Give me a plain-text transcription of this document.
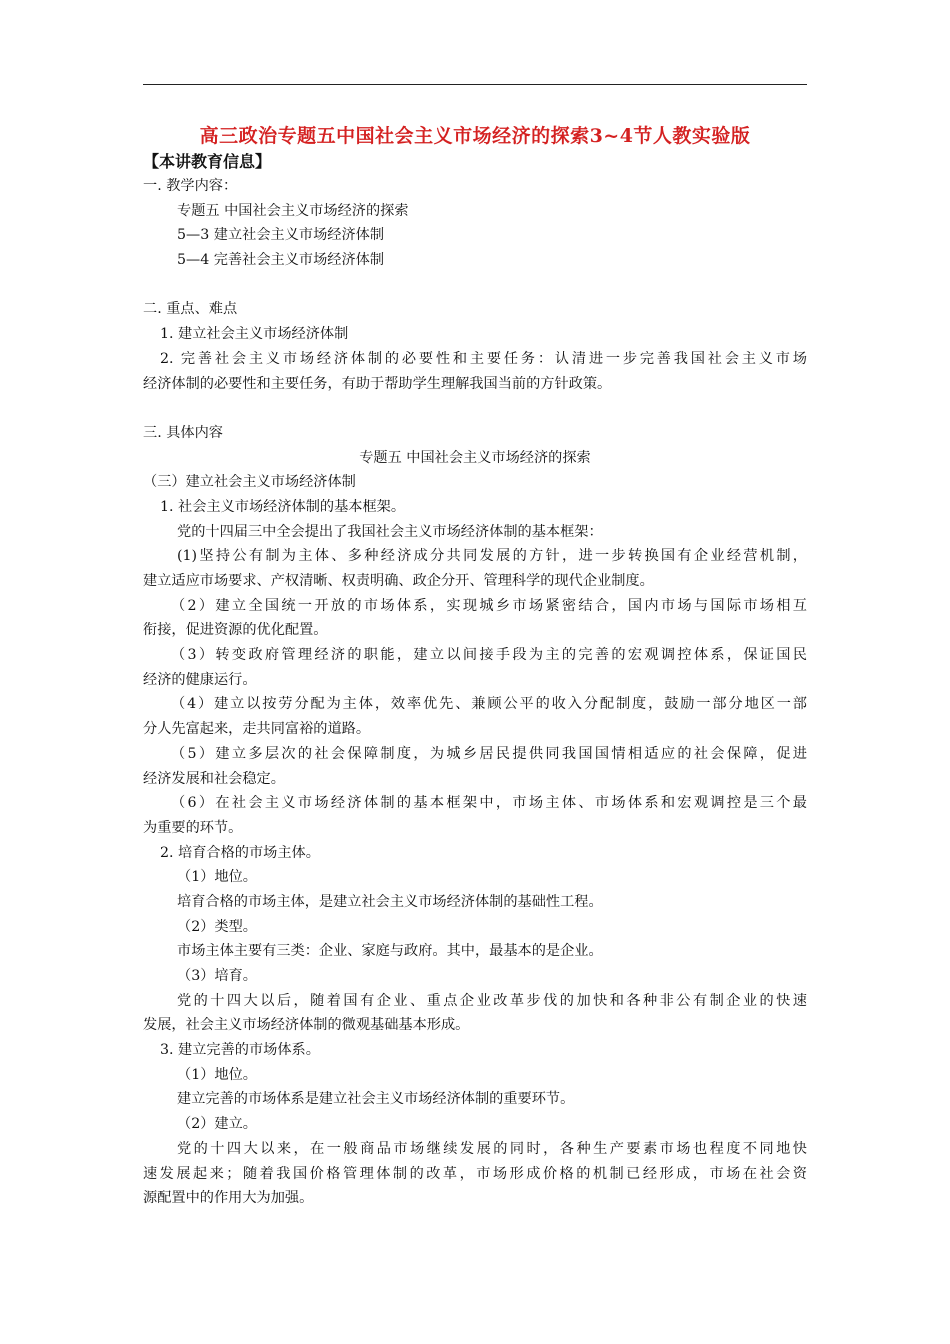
高三政治专题五中国社会主义市场经济的探索3~4节人教实验版
【本讲教育信息】
一. 教学内容：
专题五 中国社会主义市场经济的探索
5—3 建立社会主义市场经济体制
5—4 完善社会主义市场经济体制
二. 重点、难点
1. 建立社会主义市场经济体制
2. 完善社会主义市场经济体制的必要性和主要任务：认清进一步完善我国社会主义市场
经济体制的必要性和主要任务，有助于帮助学生理解我国当前的方针政策。
三. 具体内容
专题五 中国社会主义市场经济的探索
（三）建立社会主义市场经济体制
1. 社会主义市场经济体制的基本框架。
党的十四届三中全会提出了我国社会主义市场经济体制的基本框架：
(1)坚持公有制为主体、多种经济成分共同发展的方针，进一步转换国有企业经营机制，
建立适应市场要求、产权清晰、权责明确、政企分开、管理科学的现代企业制度。
（2）建立全国统一开放的市场体系，实现城乡市场紧密结合，国内市场与国际市场相互
衔接，促进资源的优化配置。
（3）转变政府管理经济的职能，建立以间接手段为主的完善的宏观调控体系，保证国民
经济的健康运行。
（4）建立以按劳分配为主体，效率优先、兼顾公平的收入分配制度，鼓励一部分地区一部
分人先富起来，走共同富裕的道路。
（5）建立多层次的社会保障制度，为城乡居民提供同我国国情相适应的社会保障，促进
经济发展和社会稳定。
（6）在社会主义市场经济体制的基本框架中，市场主体、市场体系和宏观调控是三个最
为重要的环节。
2. 培育合格的市场主体。
（1）地位。
培育合格的市场主体，是建立社会主义市场经济体制的基础性工程。
（2）类型。
市场主体主要有三类：企业、家庭与政府。其中，最基本的是企业。
（3）培育。
党的十四大以后，随着国有企业、重点企业改革步伐的加快和各种非公有制企业的快速
发展，社会主义市场经济体制的微观基础基本形成。
3. 建立完善的市场体系。
（1）地位。
建立完善的市场体系是建立社会主义市场经济体制的重要环节。
（2）建立。
党的十四大以来，在一般商品市场继续发展的同时，各种生产要素市场也程度不同地快
速发展起来；随着我国价格管理体制的改革，市场形成价格的机制已经形成，市场在社会资
源配置中的作用大为加强。
